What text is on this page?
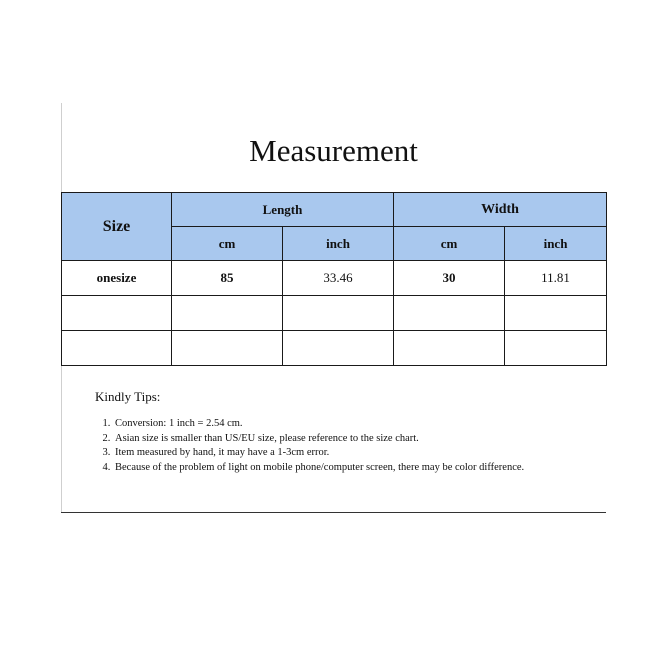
Measurement
Size	Length		Width	
	cm	inch	cm	inch
onesize	85	33.46	30	11.81

Kindly Tips:
1. Conversion: 1 inch = 2.54 cm.
2. Asian size is smaller than US/EU size, please reference to the size chart.
3. Item measured by hand, it may have a 1-3cm error.
4. Because of the problem of light on mobile phone/computer screen, there may be color difference.
